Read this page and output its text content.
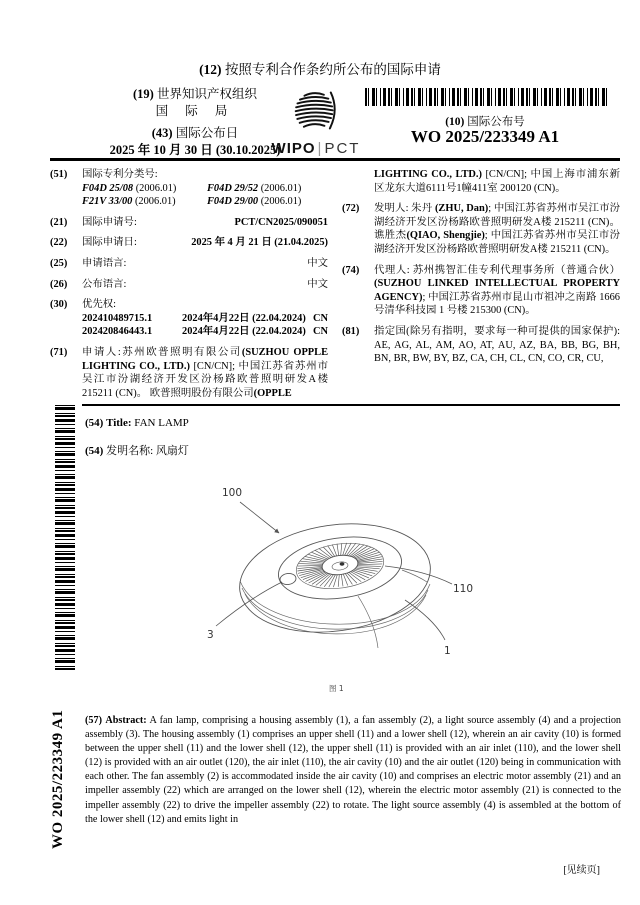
(12) 按照专利合作条约所公布的国际申请
(19) 世界知识产权组织
国 际 局
(43) 国际公布日
2025 年 10 月 30 日 (30.10.2025)
WIPO | PCT
(10) 国际公布号
WO 2025/223349 A1
(51)	国际专利分类号:
F04D 25/08 (2006.01)	F04D 29/52 (2006.01)
F21V 33/00 (2006.01)	F04D 29/00 (2006.01)
(21)	国际申请号:	PCT/CN2025/090051
(22)	国际申请日:	2025 年 4 月 21 日 (21.04.2025)
(25)	申请语言:	中文
(26)	公布语言:	中文
(30)	优先权:
202410489715.1	2024年4月22日 (22.04.2024) CN
202420846443.1	2024年4月22日 (22.04.2024) CN
(71)	申请人:苏州欧普照明有限公司(SUZHOU OPPLE LIGHTING CO., LTD.) [CN/CN]; 中国江苏省苏州市吴江市汾湖经济开发区汾杨路欧普照明研发A楼 215211 (CN)。 欧普照明股份有限公司(OPPLE
LIGHTING CO., LTD.) [CN/CN]; 中国上海市浦东新区龙东大道6111号1幢411室 200120 (CN)。
(72)	发明人: 朱丹 (ZHU, Dan); 中国江苏省苏州市吴江市汾湖经济开发区汾杨路欧普照明研发A楼 215211 (CN)。 谯胜杰(QIAO, Shengjie); 中国江苏省苏州市吴江市汾湖经济开发区汾杨路欧普照明研发A楼 215211 (CN)。
(74)	代理人: 苏州携智汇佳专利代理事务所（普通合伙）(SUZHOU LINKED INTELLECTUAL PROPERTY AGENCY); 中国江苏省苏州市昆山市祖冲之南路 1666 号清华科技园 1 号楼 215300 (CN)。
(81)	指定国(除另有指明，要求每一种可提供的国家保护): AE, AG, AL, AM, AO, AT, AU, AZ, BA, BB, BG, BH, BN, BR, BW, BY, BZ, CA, CH, CL, CN, CO, CR, CU,
(54) Title: FAN LAMP
(54) 发明名称: 风扇灯
100
110
3
1
图 1
(57) Abstract: A fan lamp, comprising a housing assembly (1), a fan assembly (2), a light source assembly (4) and a projection assembly (3). The housing assembly (1) comprises an upper shell (11) and a lower shell (12), wherein an air cavity (10) is formed between the upper shell (11) and the lower shell (12), the upper shell (11) is provided with an air inlet (110), and the lower shell (12) is provided with an air outlet (120), the air inlet (110), the air cavity (10) and the air outlet (120) being in communication with each other. The fan assembly (2) is accommodated inside the air cavity (10) and comprises an electric motor assembly (21) and an impeller assembly (22) which are arranged on the lower shell (12), wherein the electric motor assembly (21) is connected to the impeller assembly (22) to drive the impeller assembly (22) to rotate. The light source assembly (4) is assembled at the bottom of the lower shell (12) and emits light in
[见续页]
WO 2025/223349 A1
